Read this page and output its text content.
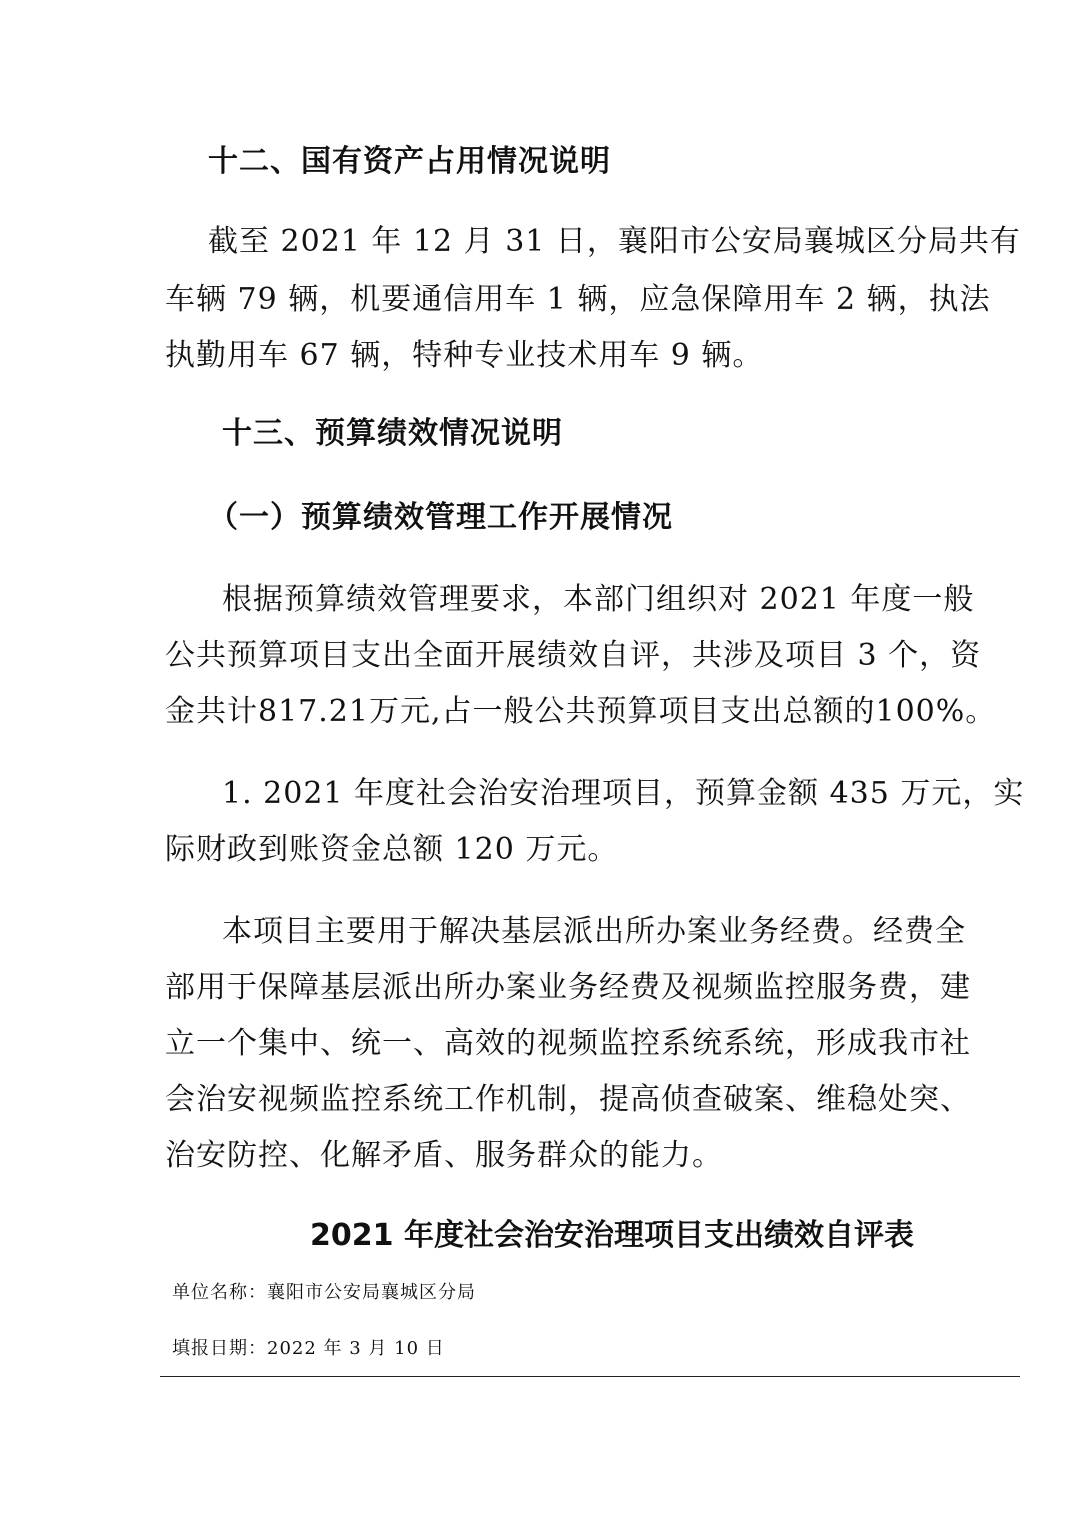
十二、国有资产占用情况说明
截至 2021 年 12 月 31 日，襄阳市公安局襄城区分局共有
车辆 79 辆，机要通信用车 1 辆，应急保障用车 2 辆，执法
执勤用车 67 辆，特种专业技术用车 9 辆。
十三、预算绩效情况说明
（一）预算绩效管理工作开展情况
根据预算绩效管理要求，本部门组织对 2021 年度一般
公共预算项目支出全面开展绩效自评，共涉及项目 3 个，资
金共计817.21万元,占一般公共预算项目支出总额的100%。
1. 2021 年度社会治安治理项目，预算金额 435 万元，实
际财政到账资金总额 120 万元。
本项目主要用于解决基层派出所办案业务经费。经费全
部用于保障基层派出所办案业务经费及视频监控服务费，建
立一个集中、统一、高效的视频监控系统系统，形成我市社
会治安视频监控系统工作机制，提高侦查破案、维稳处突、
治安防控、化解矛盾、服务群众的能力。
2021 年度社会治安治理项目支出绩效自评表
单位名称：襄阳市公安局襄城区分局
填报日期：2022 年 3 月 10 日
